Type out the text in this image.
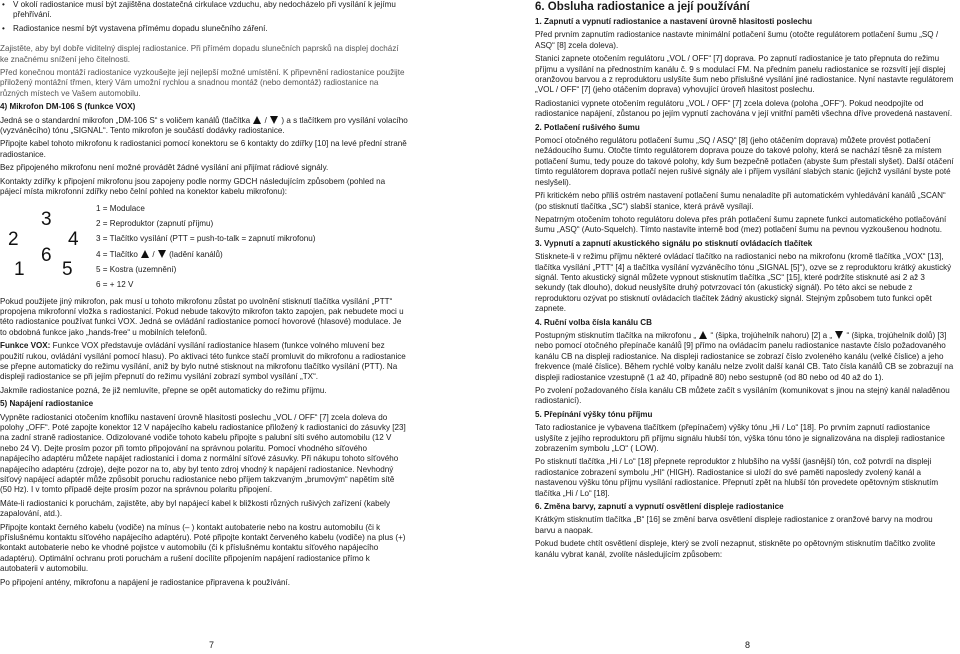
• V okolí radiostanice musí být zajištěna dostatečná cirkulace vzduchu, aby nedocházelo při vysílání k jejímu přehřívání.

• Radiostanice nesmí být vystavena přímému dopadu slunečního záření.

Zajistěte, aby byl dobře viditelný displej radiostanice. Při přímém dopadu slunečních paprsků na displej dochází ke značnému snížení jeho čitelnosti.

Před konečnou montáží radiostanice vyzkoušejte její nejlepší možné umístění. K připevnění radiostanice použijte přiložený montážní třmen, který Vám umožní rychlou a snadnou montáž (nebo demontáž) radiostanice na různých místech ve Vašem automobilu.

4) Mikrofon DM-106 S (funkce VOX)

Jedná se o standardní mikrofon „DM-106 S“ s voličem kanálů (tlačítka / ) a s tlačítkem pro vysílání volacího (vyzváněcího) tónu „SIGNAL“. Tento mikrofon je součástí dodávky radiostanice.

Připojte kabel tohoto mikrofonu k radiostanici pomocí konektoru se 6 kontakty do zdířky [10] na levé přední straně radiostanice.

Bez připojeného mikrofonu není možné provádět žádné vysílání ani přijímat rádiové signály.

Kontakty zdířky k připojení mikrofonu jsou zapojeny podle normy GDCH následujícím způsobem (pohled na pájecí místa mikrofonní zdířky nebo čelní pohled na konektor kabelu mikrofonu):

3
2	4
6
1 5
1 = Modulace
2 = Reproduktor (zapnutí příjmu)
3 = Tlačítko vysílání (PTT = push-to-talk = zapnutí mikrofonu)
4 = Tlačítko / (ladění kanálů)
5 = Kostra (uzemnění)
6 = + 12 V

Pokud použijete jiný mikrofon, pak musí u tohoto mikrofonu zůstat po uvolnění stisknutí tlačítka vysílání „PTT“ propojena mikrofonní vložka s radiostanicí. Pokud nebude takovýto mikrofon takto zapojen, pak nebudete moci u této radiostanice používat funkci VOX. Jedná se ovládání radiostanice pomocí hovorové (hlasové) modulace. Je to obdobná funkce jako „hands-free“ u mobilních telefonů.

Funkce VOX: Funkce VOX představuje ovládání vysílání radiostanice hlasem (funkce volného mluvení bez použití rukou, ovládání vysílání pomocí hlasu). Po aktivaci této funkce stačí promluvit do mikrofonu a radiostanice se přepne automaticky do režimu vysílání, aniž by bylo nutné stisknout na mikrofonu tlačítko vysílání (PTT). Na displeji radiostanice se při jejím přepnutí do režimu vysílání zobrazí symbol vysílání „TX“.

Jakmile radiostanice pozná, že již nemluvíte, přepne se opět automaticky do režimu příjmu.

5) Napájení radiostanice

Vypněte radiostanici otočením knoflíku nastavení úrovně hlasitosti poslechu „VOL / OFF“ [7] zcela doleva do polohy „OFF“. Poté zapojte konektor 12 V napájecího kabelu radiostanice přiložený k radiostanici do zásuvky [23] na zadní straně radiostanice. Odizolované vodiče tohoto kabelu připojte s palubní síti svého automobilu (12 V nebo 24 V). Dejte prosím pozor při tomto připojování na správnou polaritu. Pomocí vhodného síťového napájecího adaptéru můžete napájet radiostanici i doma z normální síťové zásuvky. Při nákupu tohoto síťového napájecího adaptéru (zdroje), dejte pozor na to, aby byl tento zdroj vhodný k napájení radiostanice. Nevhodný síťový napájecí adaptér může způsobit poruchu radiostanice nebo příjem takzvaným „brumovým“ napětím sítě (50 Hz). I v tomto případě dejte prosím pozor na správnou polaritu připojení.

Máte-li radiostanici k poruchám, zajistěte, aby byl napájecí kabel k bližkosti různých rušivých zařízení (kabely zapalování, atd.).

Připojte kontakt černého kabelu (vodiče) na mínus (– ) kontakt autobaterie nebo na kostru automobilu (či k příslušnému kontaktu síťového napájecího adaptéru). Poté připojte kontakt červeného kabelu (vodiče) na plus (+) kontakt autobaterie nebo ke vhodné pojistce v automobilu (či k příslušnému kontaktu síťového napájecího adaptéru). Optimální ochranu proti poruchám a rušení docílíte připojením napájení radiostanice přímo k autobaterii v automobilu.

Po připojení antény, mikrofonu a napájení je radiostanice připravena k používání.

6. Obsluha radiostanice a její používání

1. Zapnutí a vypnutí radiostanice a nastavení úrovně hlasitosti poslechu

Před prvním zapnutím radiostanice nastavte minimální potlačení šumu (otočte regulátorem potlačení šumu „SQ / ASQ“ [8] zcela doleva).

Stanici zapnete otočením regulátoru „VOL / OFF“ [7] doprava. Po zapnutí radiostanice je tato přepnuta do režimu příjmu a vysílání na přednostním kanálu č. 9 s modulací FM. Na předním panelu radiostanice se rozsvítí její displej oranžovou barvou a z reproduktoru uslyšíte šum nebo příslušné vysílání jiné radiostanice. Nyní nastavte regulátorem „VOL / OFF“ [7] (jeho otáčením doprava) vyhovující úroveň hlasitost poslechu.

Radiostanici vypnete otočením regulátoru „VOL / OFF“ [7] zcela doleva (poloha „OFF“). Pokud neodpojíte od radiostanice napájení, zůstanou po jejím vypnutí zachována v její vnitřní paměti všechna dříve provedená nastavení.

2. Potlačení rušivého šumu

Pomocí otočného regulátoru potlačení šumu „SQ / ASQ“ [8] (jeho otáčením doprava) můžete provést potlačení nežádoucího šumu. Otočte tímto regulátorem doprava pouze do takové polohy, která se nachází těsně za místem potlačení šumu, tedy pouze do takové polohy, kdy šum bezpečně potlačen (abyste šum přestali slyšet). Další otáčení tímto regulátorem doprava potlačí nejen rušivé signály ale i příjem vysílání slabých stanic (jejichž vysílání byste poté neslyšeli).

Při kritickém nebo příliš ostrém nastavení potlačení šumu nenaladíte při automatickém vyhledávání kanálů „SCAN“ (po stisknutí tlačítka „SC“) slabší stanice, která právě vysílají.

Nepatrným otočením tohoto regulátoru doleva přes práh potlačení šumu zapnete funkci automatického potlačování šumu „ASQ“ (Auto-Squelch). Tímto nastavíte interně bod (mez) potlačení šumu na pevnou vyzkoušenou hodnotu.

3. Vypnutí a zapnutí akustického signálu po stisknutí ovládacích tlačítek

Stisknete-li v režimu příjmu některé ovládací tlačítko na radiostanici nebo na mikrofonu (kromě tlačítka „VOX“ [13], tlačítka vysílání „PTT“ [4] a tlačítka vysílání vyzváněcího tónu „SIGNAL [5]“), ozve se z reproduktoru krátký akustický signál. Tento akustický signál můžete vypnout stisknutím tlačítka „SC“ [15], které podržíte stisknuté asi 2 až 3 sekundy (tak dlouho), dokud neuslyšíte druhý potvrzovací tón (akustický signál). Po této akci se nebude z reproduktoru ozývat po stisknutí ovládacích tlačítek žádný akustický signál. Stejným způsobem tuto funkci opět zapnete.

4. Ruční volba čísla kanálu CB

Postupným stisknutím tlačítka na mikrofonu „ “ (šipka, trojúhelník nahoru) [2] a „ “ (šipka, trojúhelník dolů) [3] nebo pomocí otočného přepínače kanálů [9] přímo na ovládacím panelu radiostanice nastavte číslo požadovaného kanálu CB na displeji radiostanice. Na displeji radiostanice se zobrazí číslo zvoleného kanálu (velké číslice) a jeho frekvence (malé číslice). Během rychlé volby kanálu nelze zvolit další kanál CB. Tato čísla kanálů CB se zobrazují na displeji radiostanice vzestupně (1 až 40, případně 80) nebo sestupně (od 80 nebo od 40 až do 1).

Po zvolení požadovaného čísla kanálu CB můžete začít s vysíláním (komunikovat s jinou na stejný kanál naladěnou radiostanicí).

5. Přepínání výšky tónu příjmu

Tato radiostanice je vybavena tlačítkem (přepínačem) výšky tónu „Hi / Lo“ [18]. Po prvním zapnutí radiostanice uslyšíte z jejího reproduktoru při příjmu signálu hlubší tón, výška tónu tóno je signalizována na displeji radiostanice zobrazením symbolu „LO“ ( LOW).

Po stisknutí tlačítka „Hi / Lo“ [18] přepnete reproduktor z hlubšího na vyšší (jasnější) tón, což potvrdí na displeji radiostanice zobrazení symbolu „HI“ (HIGH). Radiostanice si uloží do své paměti naposledy zvolený kanál a nastavenou výšku tónu příjmu vysílání radiostanice. Přepnutí zpět na hlubší tón provedete opětovným stisknutím tlačítka „Hi / Lo“ [18].

6. Změna barvy, zapnutí a vypnutí osvětlení displeje radiostanice

Krátkým stisknutím tlačítka „B“ [16] se změní barva osvětlení displeje radiostanice z oranžové barvy na modrou barvu a naopak.

Pokud budete chtít osvětlení displeje, který se zvolí nezapnut, stiskněte po opětovným stisknutím tlačítko zvolite kanálu vybrat kanál, zvolíte následujícím způsobem:

7	8
